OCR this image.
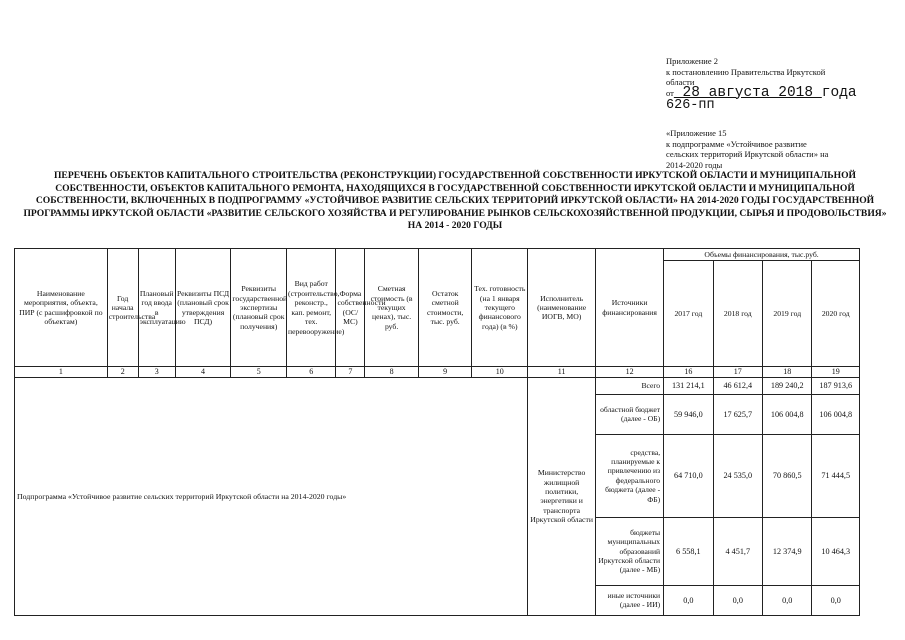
Приложение 2
к постановлению Правительства Иркутской
области
от 28 августа 2018 года
626-пп
«Приложение 15
к подпрограмме «Устойчивое развитие
сельских территорий Иркутской области» на
2014-2020 годы
ПЕРЕЧЕНЬ ОБЪЕКТОВ КАПИТАЛЬНОГО СТРОИТЕЛЬСТВА (РЕКОНСТРУКЦИИ) ГОСУДАРСТВЕННОЙ СОБСТВЕННОСТИ ИРКУТСКОЙ ОБЛАСТИ И МУНИЦИПАЛЬНОЙ СОБСТВЕННОСТИ, ОБЪЕКТОВ КАПИТАЛЬНОГО РЕМОНТА, НАХОДЯЩИХСЯ В ГОСУДАРСТВЕННОЙ СОБСТВЕННОСТИ ИРКУТСКОЙ ОБЛАСТИ И МУНИЦИПАЛЬНОЙ СОБСТВЕННОСТИ, ВКЛЮЧЕННЫХ В ПОДПРОГРАММУ «УСТОЙЧИВОЕ РАЗВИТИЕ СЕЛЬСКИХ ТЕРРИТОРИЙ ИРКУТСКОЙ ОБЛАСТИ» НА 2014-2020 ГОДЫ ГОСУДАРСТВЕННОЙ ПРОГРАММЫ ИРКУТСКОЙ ОБЛАСТИ «РАЗВИТИЕ СЕЛЬСКОГО ХОЗЯЙСТВА И РЕГУЛИРОВАНИЕ РЫНКОВ СЕЛЬСКОХОЗЯЙСТВЕННОЙ ПРОДУКЦИИ, СЫРЬЯ И ПРОДОВОЛЬСТВИЯ» НА 2014 - 2020 ГОДЫ
Наименование мероприятия, объекта, ПИР (с расшифровкой по объектам)	Год начала строительства	Плановый год ввода в эксплуатацию	Реквизиты ПСД (плановый срок утверждения ПСД)	Реквизиты государственной экспертизы (плановый срок получения)	Вид работ (строительство, реконстр., кап. ремонт, тех. перевооружение)	Форма собственности (ОС/МС)	Сметная стоимость (в текущих ценах), тыс. руб.	Остаток сметной стоимости, тыс. руб.	Тех. готовность (на 1 января текущего финансового года) (в %)	Исполнитель (наименование ИОГВ, МО)	Источники финансирования	Объемы финансирования, тыс.руб.			
												2017 год	2018 год	2019 год	2020 год
1	2	3	4	5	6	7	8	9	10	11	12	16	17	18	19
Подпрограмма «Устойчивое развитие сельских территорий Иркутской области на 2014-2020 годы»										Министерство жилищной политики, энергетики и транспорта Иркутской области	Всего	131 214,1	46 612,4	189 240,2	187 913,6
											областной бюджет (далее - ОБ)	59 946,0	17 625,7	106 004,8	106 004,8
											средства, планируемые к привлечению из федерального бюджета (далее - ФБ)	64 710,0	24 535,0	70 860,5	71 444,5
											бюджеты муниципальных образований Иркутской области (далее - МБ)	6 558,1	4 451,7	12 374,9	10 464,3
											иные источники (далее - ИИ)	0,0	0,0	0,0	0,0
